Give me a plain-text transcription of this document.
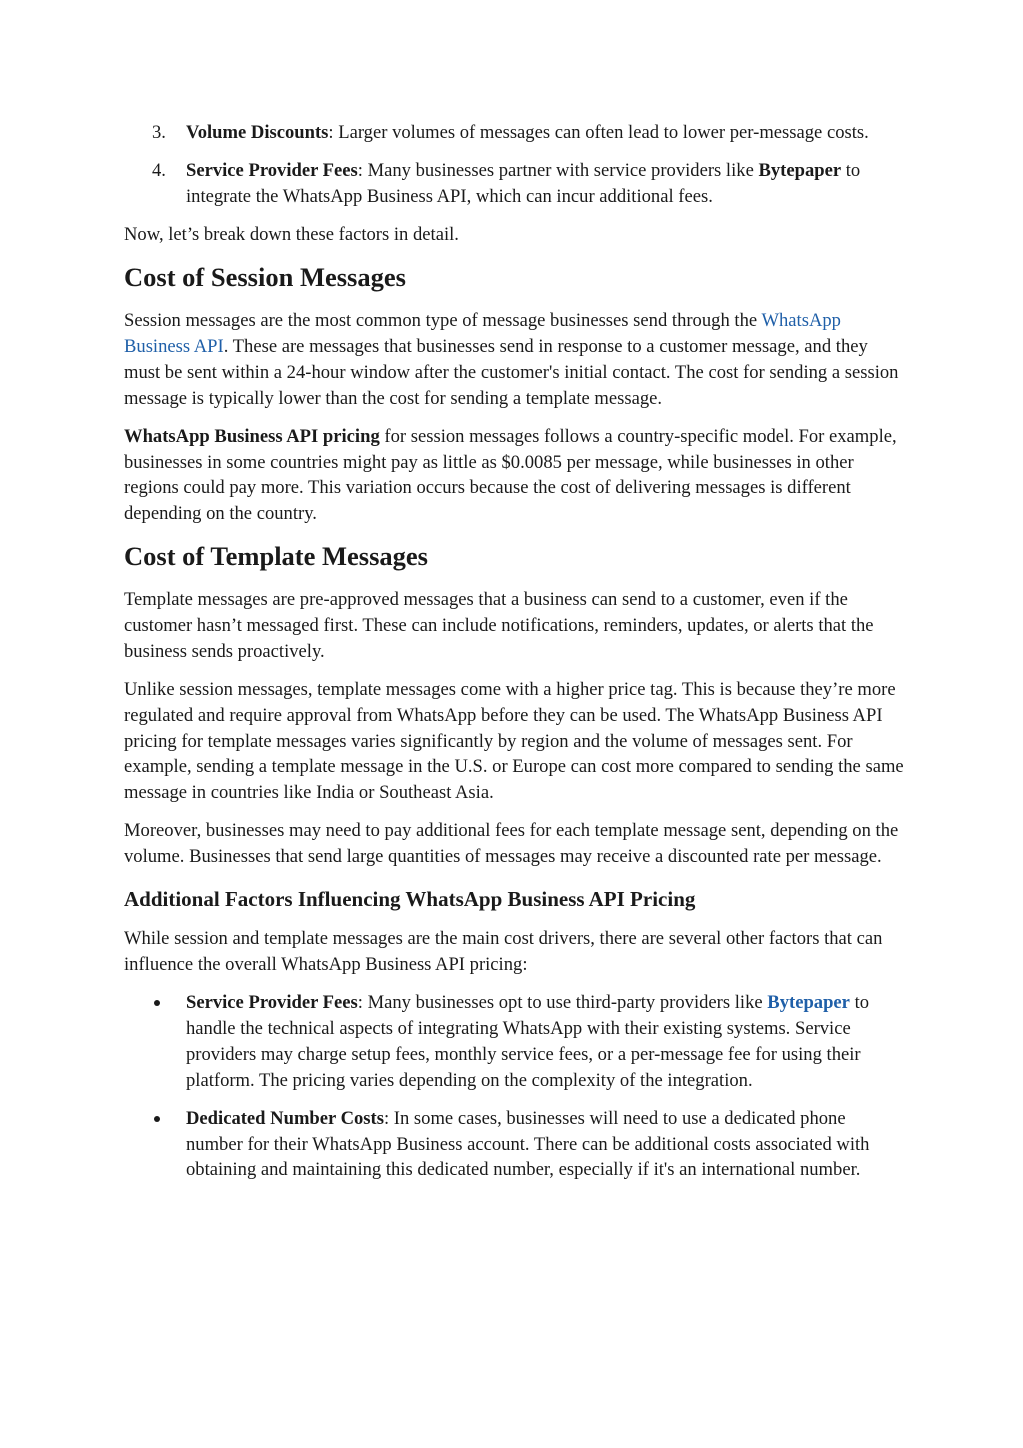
3. Volume Discounts: Larger volumes of messages can often lead to lower per-message costs.
4. Service Provider Fees: Many businesses partner with service providers like Bytepaper to integrate the WhatsApp Business API, which can incur additional fees.

Now, let’s break down these factors in detail.

Cost of Session Messages

Session messages are the most common type of message businesses send through the WhatsApp Business API. These are messages that businesses send in response to a customer message, and they must be sent within a 24-hour window after the customer's initial contact. The cost for sending a session message is typically lower than the cost for sending a template message.

WhatsApp Business API pricing for session messages follows a country-specific model. For example, businesses in some countries might pay as little as $0.0085 per message, while businesses in other regions could pay more. This variation occurs because the cost of delivering messages is different depending on the country.

Cost of Template Messages

Template messages are pre-approved messages that a business can send to a customer, even if the customer hasn’t messaged first. These can include notifications, reminders, updates, or alerts that the business sends proactively.

Unlike session messages, template messages come with a higher price tag. This is because they’re more regulated and require approval from WhatsApp before they can be used. The WhatsApp Business API pricing for template messages varies significantly by region and the volume of messages sent. For example, sending a template message in the U.S. or Europe can cost more compared to sending the same message in countries like India or Southeast Asia.

Moreover, businesses may need to pay additional fees for each template message sent, depending on the volume. Businesses that send large quantities of messages may receive a discounted rate per message.

Additional Factors Influencing WhatsApp Business API Pricing

While session and template messages are the main cost drivers, there are several other factors that can influence the overall WhatsApp Business API pricing:

Service Provider Fees: Many businesses opt to use third-party providers like Bytepaper to handle the technical aspects of integrating WhatsApp with their existing systems. Service providers may charge setup fees, monthly service fees, or a per-message fee for using their platform. The pricing varies depending on the complexity of the integration.
Dedicated Number Costs: In some cases, businesses will need to use a dedicated phone number for their WhatsApp Business account. There can be additional costs associated with obtaining and maintaining this dedicated number, especially if it's an international number.
